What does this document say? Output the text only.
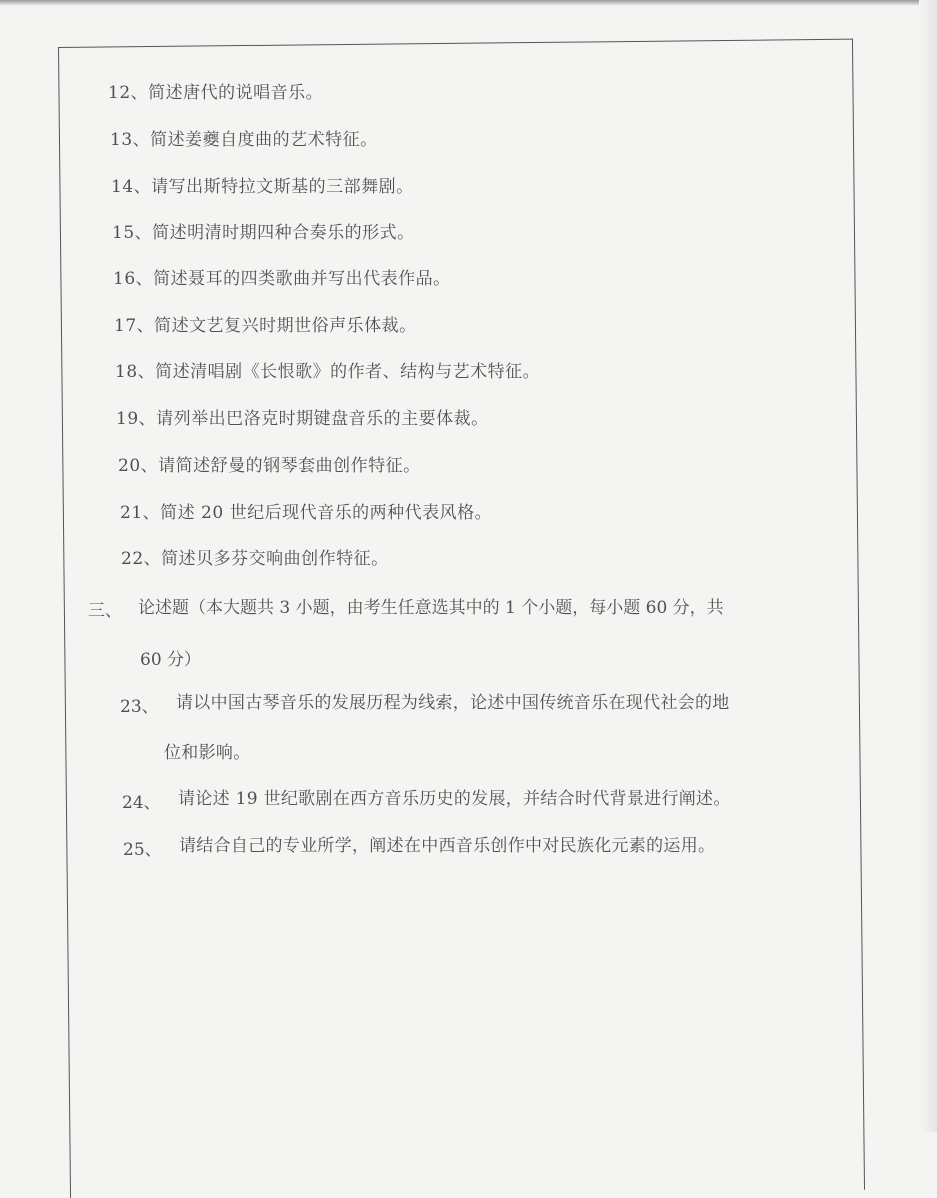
12、简述唐代的说唱音乐。
13、简述姜夔自度曲的艺术特征。
14、请写出斯特拉文斯基的三部舞剧。
15、简述明清时期四种合奏乐的形式。
16、简述聂耳的四类歌曲并写出代表作品。
17、简述文艺复兴时期世俗声乐体裁。
18、简述清唱剧《长恨歌》的作者、结构与艺术特征。
19、请列举出巴洛克时期键盘音乐的主要体裁。
20、请简述舒曼的钢琴套曲创作特征。
21、简述 20 世纪后现代音乐的两种代表风格。
22、简述贝多芬交响曲创作特征。
三、 论述题（本大题共 3 小题，由考生任意选其中的 1 个小题，每小题 60 分，共
60 分）
23、 请以中国古琴音乐的发展历程为线索，论述中国传统音乐在现代社会的地
位和影响。
24、 请论述 19 世纪歌剧在西方音乐历史的发展，并结合时代背景进行阐述。
25、 请结合自己的专业所学，阐述在中西音乐创作中对民族化元素的运用。
